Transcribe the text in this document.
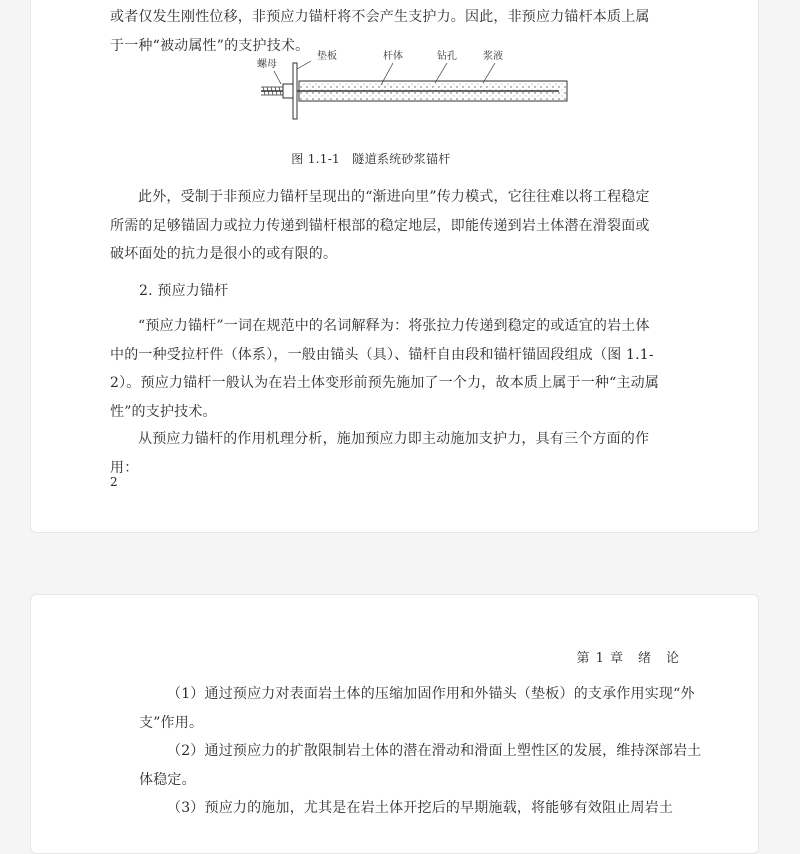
或者仅发生刚性位移，非预应力锚杆将不会产生支护力。因此，非预应力锚杆本质上属于一种“被动属性”的支护技术。

螺母
垫板	杆体	钻孔	浆液
图 1.1-1　隧道系统砂浆锚杆

此外，受制于非预应力锚杆呈现出的“渐进向里”传力模式，它往往难以将工程稳定所需的足够锚固力或拉力传递到锚杆根部的稳定地层，即能传递到岩土体潜在滑裂面或破坏面处的抗力是很小的或有限的。

2. 预应力锚杆

“预应力锚杆”一词在规范中的名词解释为：将张拉力传递到稳定的或适宜的岩土体中的一种受拉杆件（体系），一般由锚头（具）、锚杆自由段和锚杆锚固段组成（图 1.1-2）。预应力锚杆一般认为在岩土体变形前预先施加了一个力，故本质上属于一种“主动属性”的支护技术。

从预应力锚杆的作用机理分析，施加预应力即主动施加支护力，具有三个方面的作用：

2
第 1 章　绪　论

（1）通过预应力对表面岩土体的压缩加固作用和外锚头（垫板）的支承作用实现“外支”作用。

（2）通过预应力的扩散限制岩土体的潜在滑动和滑面上塑性区的发展，维持深部岩土体稳定。

（3）预应力的施加，尤其是在岩土体开挖后的早期施载，将能够有效阻止周岩土
